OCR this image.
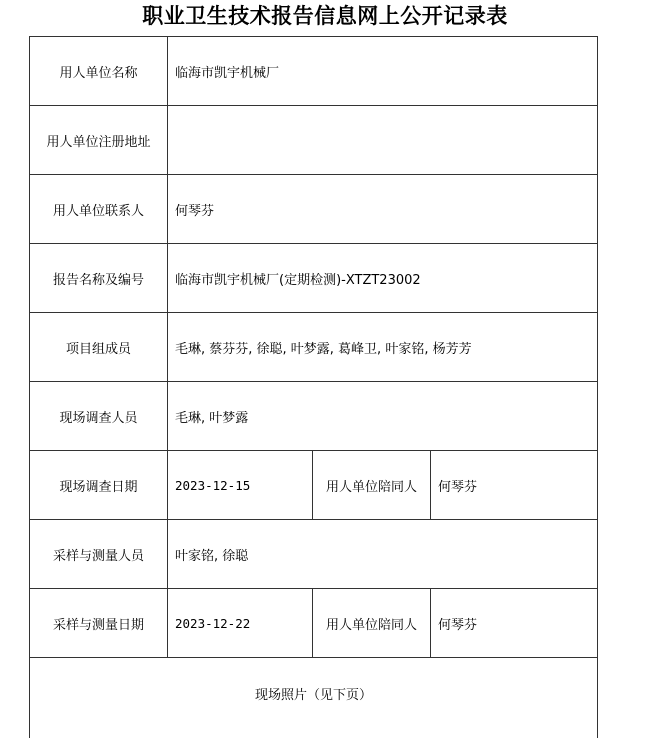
职业卫生技术报告信息网上公开记录表
用人单位名称	临海市凯宇机械厂		
用人单位注册地址			
用人单位联系人	何琴芬		
报告名称及编号	临海市凯宇机械厂(定期检测)-XTZT23002		
项目组成员	毛琳, 蔡芬芬, 徐聪, 叶梦露, 葛峰卫, 叶家铭, 杨芳芳		
现场调查人员	毛琳, 叶梦露		
现场调查日期	2023-12-15	用人单位陪同人	何琴芬
采样与测量人员	叶家铭, 徐聪		
采样与测量日期	2023-12-22	用人单位陪同人	何琴芬

现场照片（见下页）			
